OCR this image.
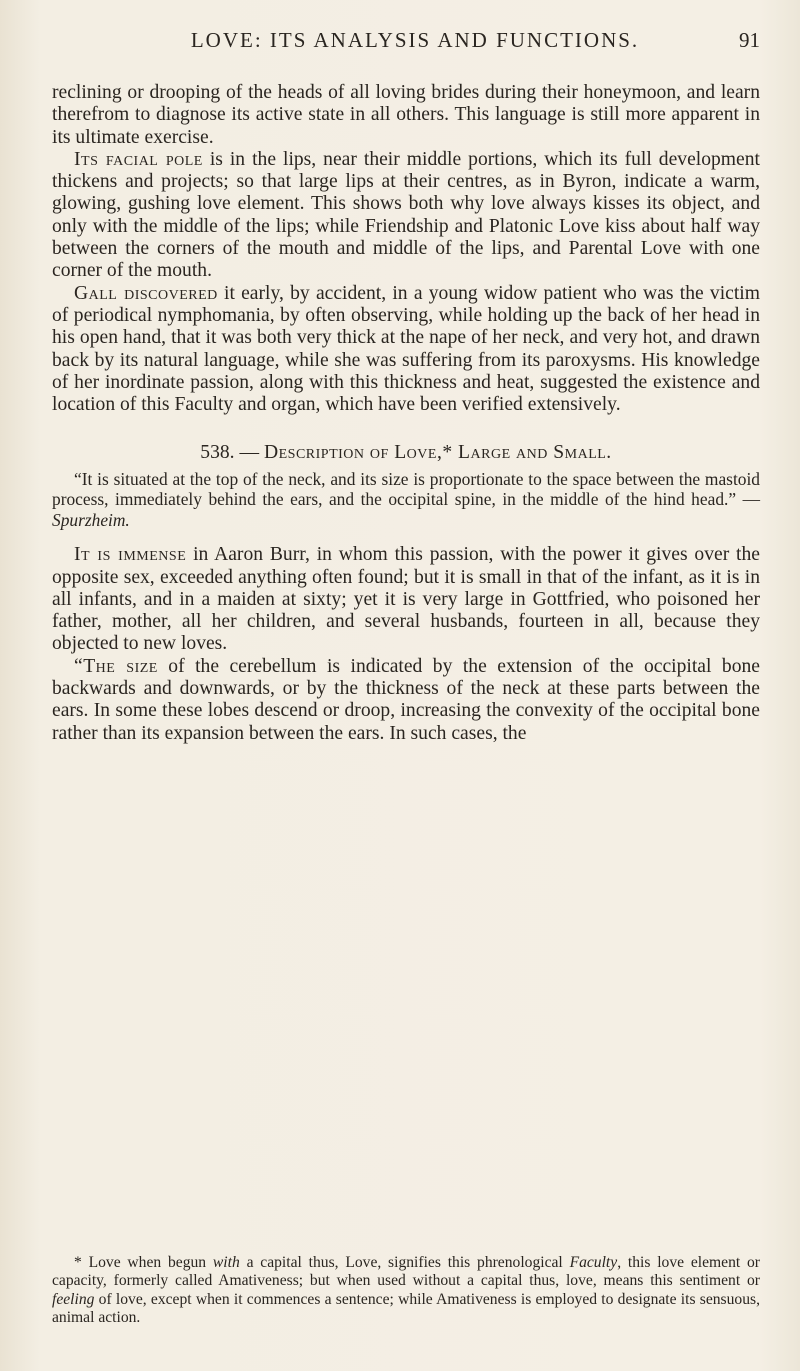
LOVE: ITS ANALYSIS AND FUNCTIONS.	91

reclining or drooping of the heads of all loving brides during their honeymoon, and learn therefrom to diagnose its active state in all others. This language is still more apparent in its ultimate exercise.

Its facial pole is in the lips, near their middle portions, which its full development thickens and projects; so that large lips at their centres, as in Byron, indicate a warm, glowing, gushing love element. This shows both why love always kisses its object, and only with the middle of the lips; while Friendship and Platonic Love kiss about half way between the corners of the mouth and middle of the lips, and Parental Love with one corner of the mouth.

Gall discovered it early, by accident, in a young widow patient who was the victim of periodical nymphomania, by often observing, while holding up the back of her head in his open hand, that it was both very thick at the nape of her neck, and very hot, and drawn back by its natural language, while she was suffering from its paroxysms. His knowledge of her inordinate passion, along with this thickness and heat, suggested the existence and location of this Faculty and organ, which have been verified extensively.

538. — Description of Love,* Large and Small.

“It is situated at the top of the neck, and its size is proportionate to the space between the mastoid process, immediately behind the ears, and the occipital spine, in the middle of the hind head.” — Spurzheim.

It is immense in Aaron Burr, in whom this passion, with the power it gives over the opposite sex, exceeded anything often found; but it is small in that of the infant, as it is in all infants, and in a maiden at sixty; yet it is very large in Gottfried, who poisoned her father, mother, all her children, and several husbands, fourteen in all, because they objected to new loves.

“The size of the cerebellum is indicated by the extension of the occipital bone backwards and downwards, or by the thickness of the neck at these parts between the ears. In some these lobes descend or droop, increasing the convexity of the occipital bone rather than its expansion between the ears. In such cases, the

* Love when begun with a capital thus, Love, signifies this phrenological Faculty, this love element or capacity, formerly called Amativeness; but when used without a capital thus, love, means this sentiment or feeling of love, except when it commences a sentence; while Amativeness is employed to designate its sensuous, animal action.
